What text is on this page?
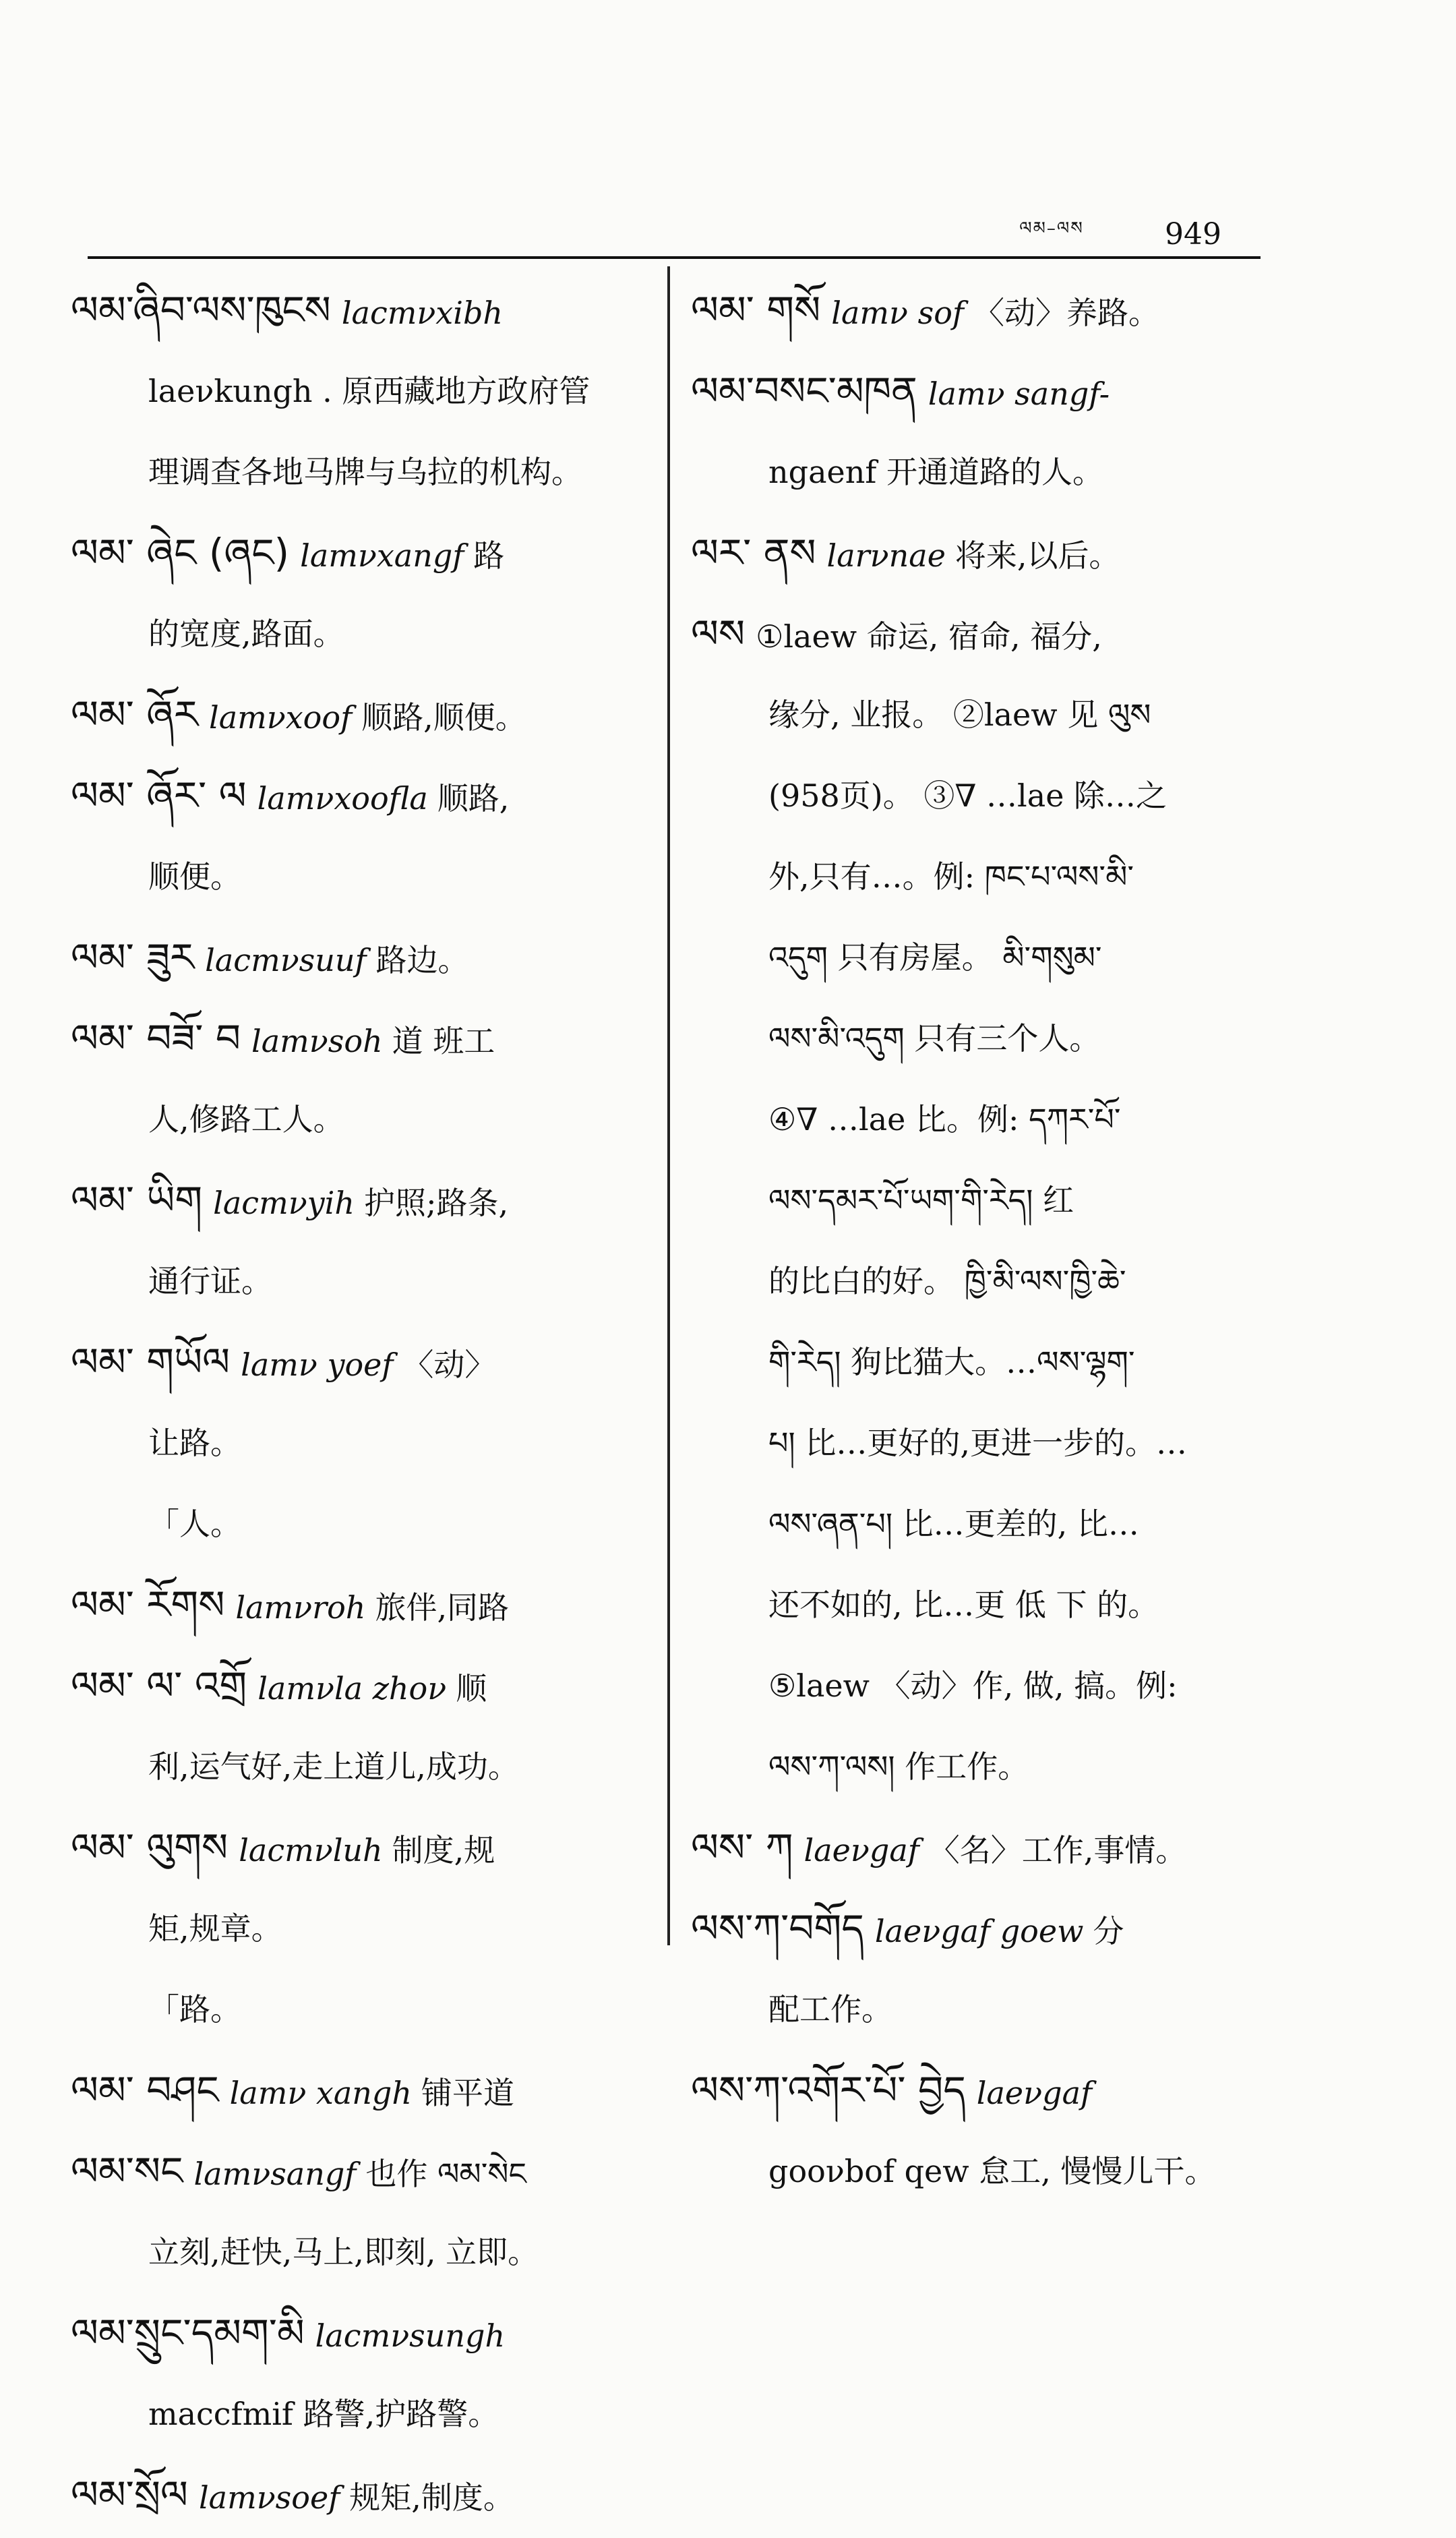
ལམ–ལས	949
ལམ་ཞིབ་ལས་ཁུངས lacmνxibh
laeνkungh . 原西藏地方政府管
理调查各地马牌与乌拉的机构。
ལམ་ ཞེང (ཞང) lamνxangf 路
的宽度,路面。
ལམ་ ཞོར lamνxoof 顺路,顺便。
ལམ་ ཞོར་ ལ lamνxoofla 顺路,
顺便。
ལམ་ ཟུར lacmνsuuf 路边。
ལམ་ བཟོ་ བ lamνsoh 道 班工
人,修路工人。
ལམ་ ཡིག lacmνyih 护照;路条,
通行证。
ལམ་ གཡོལ lamν yoef 〈动〉
让路。
「人。
ལམ་ རོགས lamνroh 旅伴,同路
ལམ་ ལ་ འགྲོ lamνla zhoν 顺
利,运气好,走上道儿,成功。
ལམ་ ལུགས lacmνluh 制度,规
矩,规章。
「路。
ལམ་ བཤང lamν xangh 铺平道
ལམ་སང lamνsangf 也作 ལམ་སེང
立刻,赶快,马上,即刻, 立即。
ལམ་སྲུང་དམག་མི lacmνsungh
maccfmif 路警,护路警。
ལམ་སྲོལ lamνsoef 规矩,制度。
ལམ་ གསོ lamν sof 〈动〉养路。
ལམ་བསང་མཁན lamν sangf-
ngaenf 开通道路的人。
ལར་ ནས larνnae 将来,以后。
ལས ①laew 命运, 宿命, 福分,
缘分, 业报。 ②laew 见 ལུས
(958页)。 ③∇ …lae 除…之
外,只有…。例: ཁང་པ་ལས་མི་
འདུག 只有房屋。 མི་གསུམ་
ལས་མི་འདུག 只有三个人。
④∇ …lae 比。例: དཀར་པོ་
ལས་དམར་པོ་ཡག་གི་རེད། 红
的比白的好。 ཁྱི་མི་ལས་ཁྱི་ཆེ་
གི་རེད། 狗比猫大。…ལས་ལྷག་
པ། 比…更好的,更进一步的。…
ལས་ཞན་པ། 比…更差的, 比…
还不如的, 比…更 低 下 的。
⑤laew 〈动〉作, 做, 搞。例:
ལས་ཀ་ལས། 作工作。
ལས་ ཀ laeνgaf 〈名〉工作,事情。
ལས་ཀ་བགོད laeνgaf goew 分
配工作。
ལས་ཀ་འགོར་པོ་ བྱེད laeνgaf
gooνbof qew 怠工, 慢慢儿干。
